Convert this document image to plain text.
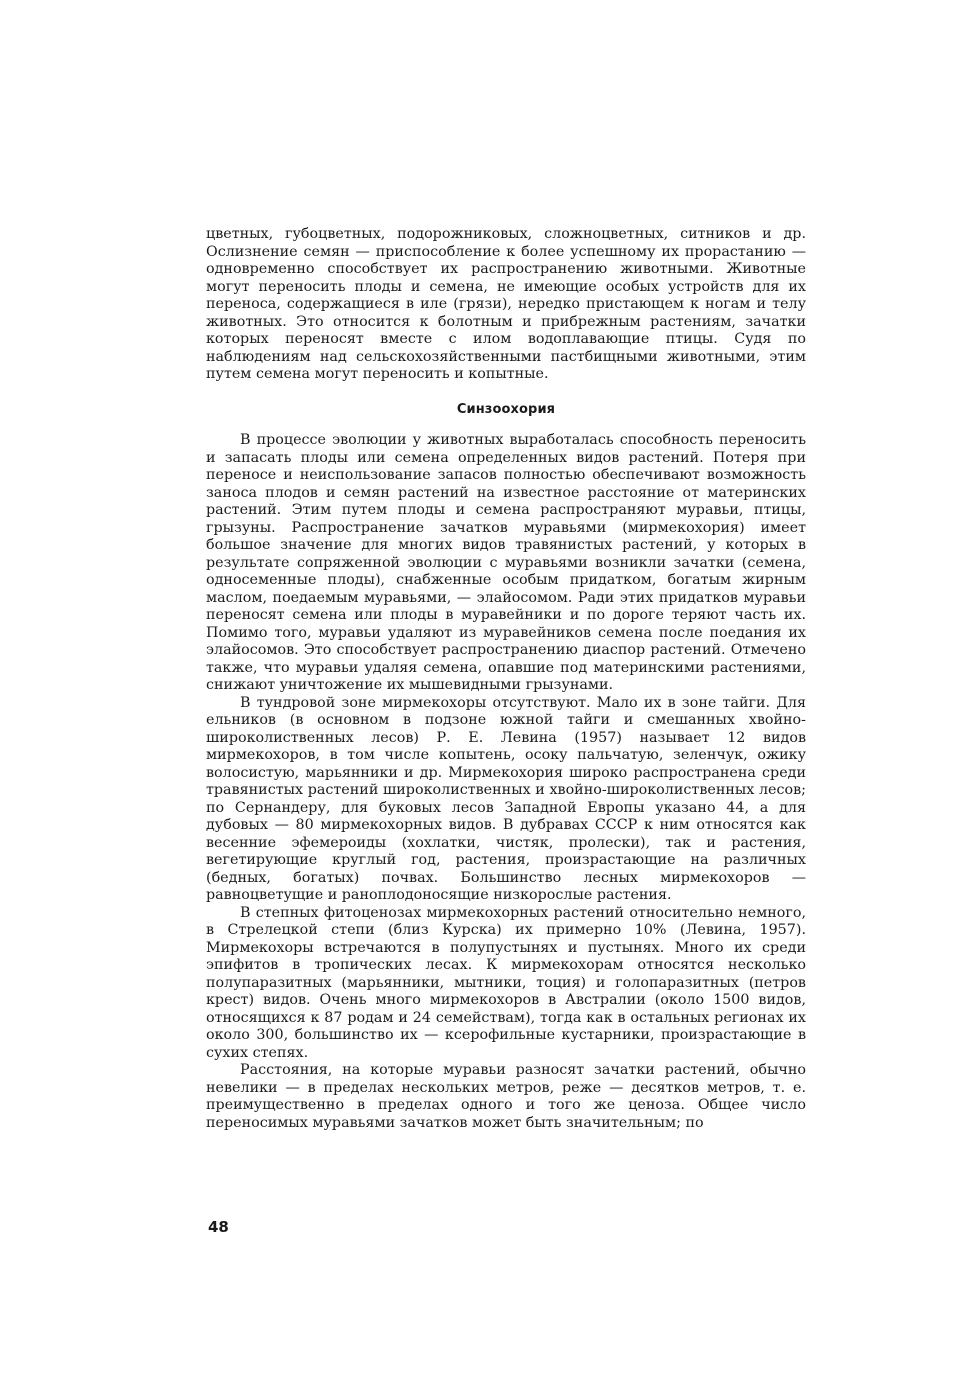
цветных, губоцветных, подорожниковых, сложноцветных, ситников и др. Ослизнение семян — приспособление к более успешному их прорастанию — одновременно способствует их распространению животными. Животные могут переносить плоды и семена, не имеющие особых устройств для их переноса, содержащиеся в иле (грязи), нередко пристающем к ногам и телу животных. Это относится к болотным и прибрежным растениям, зачатки которых переносят вместе с илом водоплавающие птицы. Судя по наблюдениям над сельскохозяйственными пастбищными животными, этим путем семена могут переносить и копытные.

Синзоохория

В процессе эволюции у животных выработалась способность переносить и запасать плоды или семена определенных видов растений. Потеря при переносе и неиспользование запасов полностью обеспечивают возможность заноса плодов и семян растений на известное расстояние от материнских растений. Этим путем плоды и семена распространяют муравьи, птицы, грызуны. Распространение зачатков муравьями (мирмекохория) имеет большое значение для многих видов травянистых растений, у которых в результате сопряженной эволюции с муравьями возникли зачатки (семена, односеменные плоды), снабженные особым придатком, богатым жирным маслом, поедаемым муравьями, — элайосомом. Ради этих придатков муравьи переносят семена или плоды в муравейники и по дороге теряют часть их. Помимо того, муравьи удаляют из муравейников семена после поедания их элайосомов. Это способствует распространению диаспор растений. Отмечено также, что муравьи удаляя семена, опавшие под материнскими растениями, снижают уничтожение их мышевидными грызунами.

В тундровой зоне мирмекохоры отсутствуют. Мало их в зоне тайги. Для ельников (в основном в подзоне южной тайги и смешанных хвойно-широколиственных лесов) Р. Е. Левина (1957) называет 12 видов мирмекохоров, в том числе копытень, осоку пальчатую, зеленчук, ожику волосистую, марьянники и др. Мирмекохория широко распространена среди травянистых растений широколиственных и хвойно-широколиственных лесов; по Сернандеру, для буковых лесов Западной Европы указано 44, а для дубовых — 80 мирмекохорных видов. В дубравах СССР к ним относятся как весенние эфемероиды (хохлатки, чистяк, пролески), так и растения, вегетирующие круглый год, растения, произрастающие на различных (бедных, богатых) почвах. Большинство лесных мирмекохоров — равноцветущие и раноплодоносящие низкорослые растения.

В степных фитоценозах мирмекохорных растений относительно немного, в Стрелецкой степи (близ Курска) их примерно 10% (Левина, 1957). Мирмекохоры встречаются в полупустынях и пустынях. Много их среди эпифитов в тропических лесах. К мирмекохорам относятся несколько полупаразитных (марьянники, мытники, тоция) и голопаразитных (петров крест) видов. Очень много мирмекохоров в Австралии (около 1500 видов, относящихся к 87 родам и 24 семействам), тогда как в остальных регионах их около 300, большинство их — ксерофильные кустарники, произрастающие в сухих степях.

Расстояния, на которые муравьи разносят зачатки растений, обычно невелики — в пределах нескольких метров, реже — десятков метров, т. е. преимущественно в пределах одного и того же ценоза. Общее число переносимых муравьями зачатков может быть значительным; по

48
